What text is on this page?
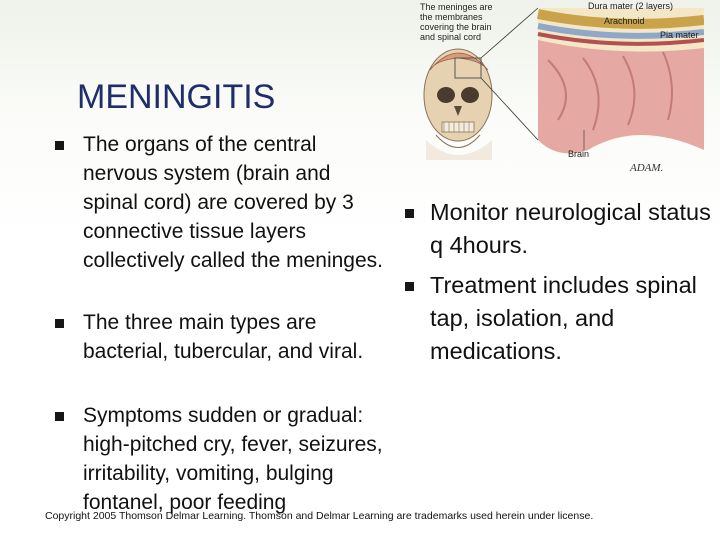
MENINGITIS
The organs of the central nervous system (brain and spinal cord) are covered by 3 connective tissue layers collectively called the meninges.
The three main types are bacterial, tubercular, and viral.
Symptoms sudden or gradual: high-pitched cry, fever, seizures, irritability, vomiting, bulging fontanel, poor feeding
Monitor neurological status q 4hours.
Treatment includes spinal tap, isolation, and medications.
The meninges are
the membranes
covering the brain
and spinal cord
Dura mater (2 layers)
Arachnoid
Pia mater
Brain
ADAM.
Copyright 2005 Thomson Delmar Learning. Thomson and Delmar Learning are trademarks used herein under license.
